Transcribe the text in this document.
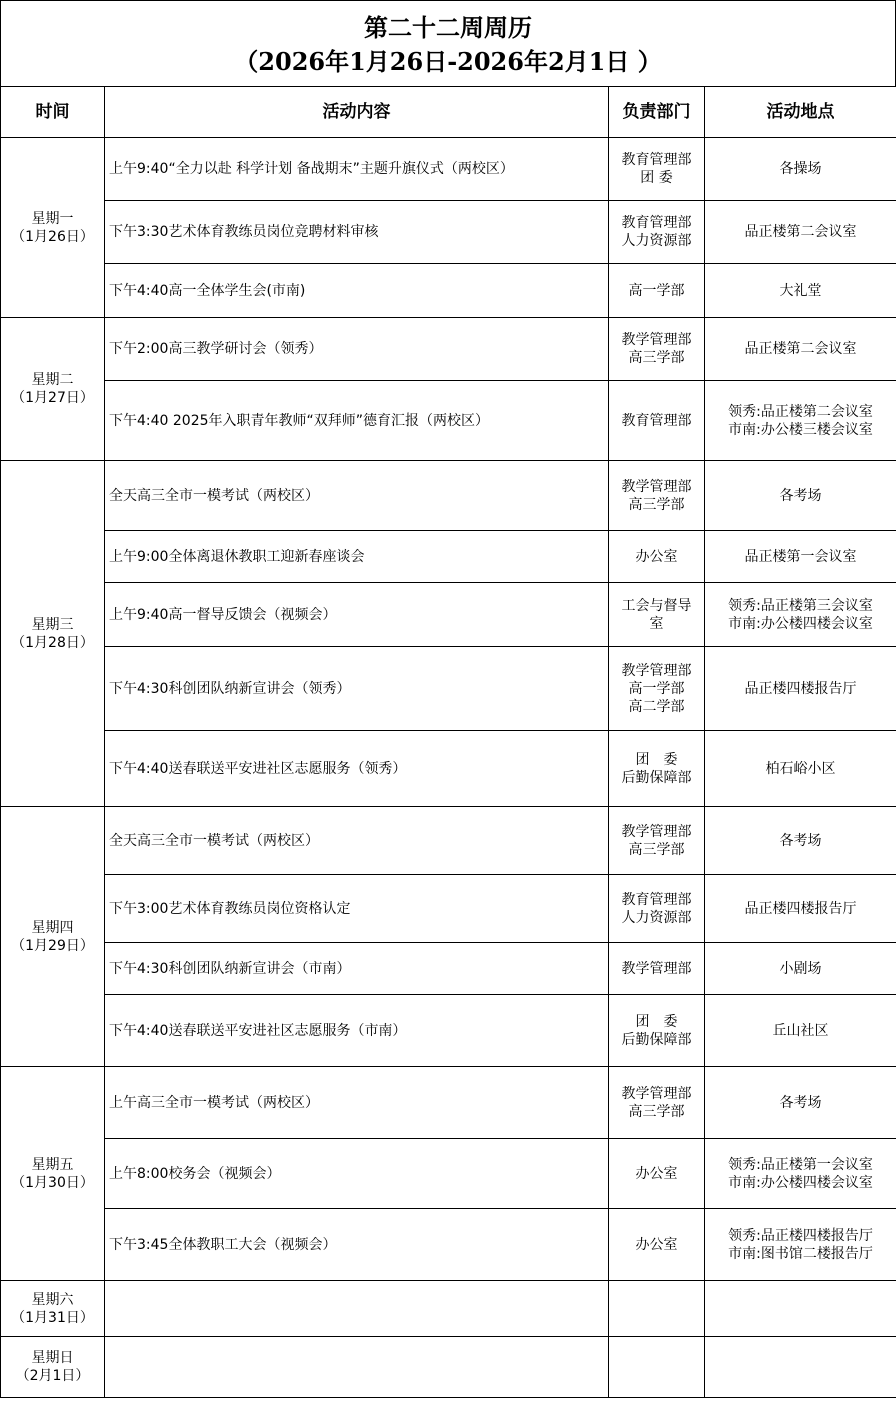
第二十二周周历
（2026年1月26日-2026年2月1日 ）
时间	活动内容	负责部门	活动地点

星期一
（1月26日）	上午9:40“全力以赴 科学计划 备战期末”主题升旗仪式（两校区）	教育管理部
团 委	各操场

	下午3:30艺术体育教练员岗位竞聘材料审核	教育管理部
人力资源部	品正楼第二会议室

	下午4:40高一全体学生会(市南)	高一学部	大礼堂

星期二
（1月27日）	下午2:00高三教学研讨会（领秀）	教学管理部
高三学部	品正楼第二会议室

	下午4:40 2025年入职青年教师“双拜师”德育汇报（两校区）	教育管理部	领秀:品正楼第二会议室
市南:办公楼三楼会议室

星期三
（1月28日）	全天高三全市一模考试（两校区）	教学管理部
高三学部	各考场

	上午9:00全体离退休教职工迎新春座谈会	办公室	品正楼第一会议室

	上午9:40高一督导反馈会（视频会）	工会与督导
室	领秀:品正楼第三会议室
市南:办公楼四楼会议室

	下午4:30科创团队纳新宣讲会（领秀）	教学管理部
高一学部
高二学部	品正楼四楼报告厅

	下午4:40送春联送平安进社区志愿服务（领秀）	团　委
后勤保障部	柏石峪小区

星期四
（1月29日）	全天高三全市一模考试（两校区）	教学管理部
高三学部	各考场

	下午3:00艺术体育教练员岗位资格认定	教育管理部
人力资源部	品正楼四楼报告厅

	下午4:30科创团队纳新宣讲会（市南）	教学管理部	小剧场

	下午4:40送春联送平安进社区志愿服务（市南）	团　委
后勤保障部	丘山社区

星期五
（1月30日）	上午高三全市一模考试（两校区）	教学管理部
高三学部	各考场

	上午8:00校务会（视频会）	办公室	领秀:品正楼第一会议室
市南:办公楼四楼会议室

	下午3:45全体教职工大会（视频会）	办公室	领秀:品正楼四楼报告厅
市南:图书馆二楼报告厅

星期六
（1月31日）			

星期日
（2月1日）			
